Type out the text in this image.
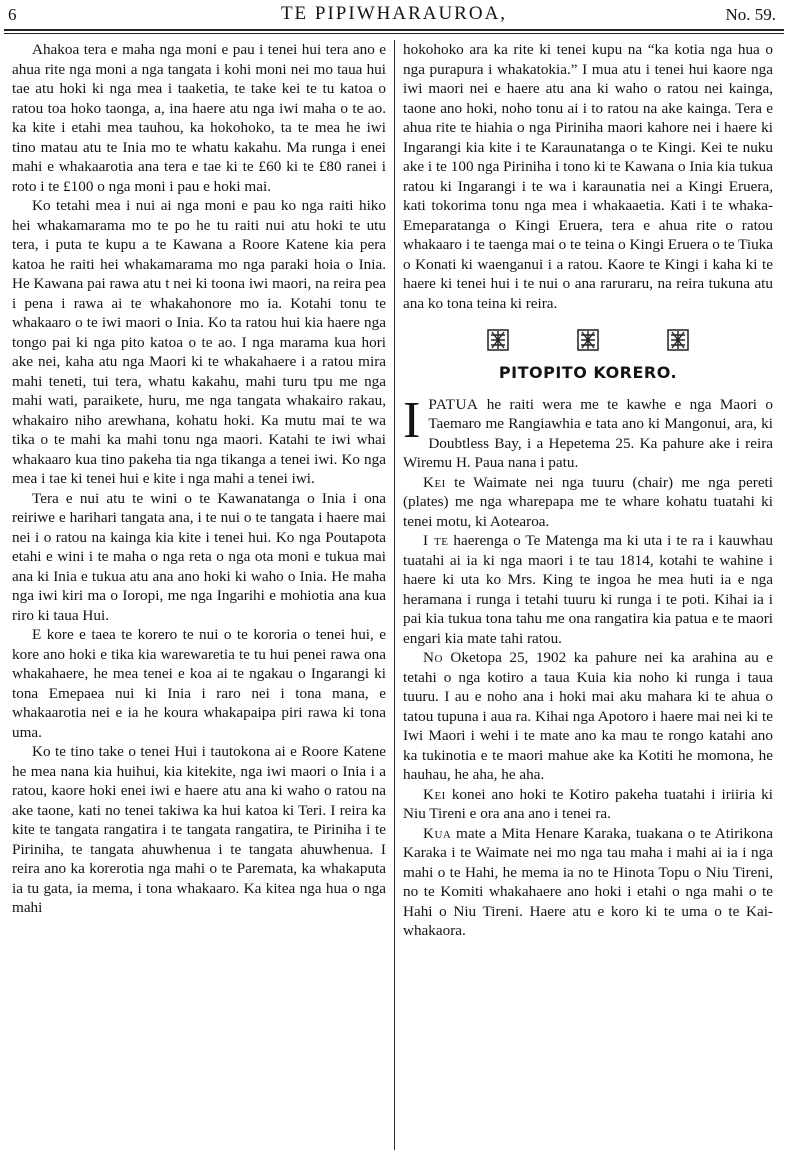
6	TE PIPIWHARAUROA,	No. 59.

Ahakoa tera e maha nga moni e pau i tenei hui tera ano e ahua rite nga moni a nga tangata i kohi moni nei mo taua hui tae atu hoki ki nga mea i taaketia, te take kei te tu katoa o ratou toa hoko taonga, a, ina haere atu nga iwi maha o te ao. ka kite i etahi mea tauhou, ka hokohoko, ta te mea he iwi tino matau atu te Inia mo te whatu kakahu. Ma runga i enei mahi e whakaarotia ana tera e tae ki te £60 ki te £80 ranei i roto i te £100 o nga moni i pau e hoki mai.

Ko tetahi mea i nui ai nga moni e pau ko nga raiti hiko hei whakamarama mo te po he tu raiti nui atu hoki te utu tera, i puta te kupu a te Kawana a Roore Katene kia pera katoa he raiti hei whakamarama mo nga paraki hoia o Inia. He Kawana pai rawa atu t nei ki toona iwi maori, na reira pea i pena i rawa ai te whakahonore mo ia. Kotahi tonu te whakaaro o te iwi maori o Inia. Ko ta ratou hui kia haere nga tongo pai ki nga pito katoa o te ao. I nga marama kua hori ake nei, kaha atu nga Maori ki te whakahaere i a ratou mira mahi teneti, tui tera, whatu kakahu, mahi turu tpu me nga mahi wati, paraikete, huru, me nga tangata whakairo rakau, whakairo niho arewhana, kohatu hoki. Ka mutu mai te wa tika o te mahi ka mahi tonu nga maori. Katahi te iwi whai whakaaro kua tino pakeha tia nga tikanga a tenei iwi. Ko nga mea i tae ki tenei hui e kite i nga mahi a tenei iwi.

Tera e nui atu te wini o te Kawanatanga o Inia i ona reiriwe e harihari tangata ana, i te nui o te tangata i haere mai nei i o ratou na kainga kia kite i tenei hui. Ko nga Poutapota etahi e wini i te maha o nga reta o nga ota moni e tukua mai ana ki Inia e tukua atu ana ano hoki ki waho o Inia. He maha nga iwi kiri ma o Ioropi, me nga Ingarihi e mohiotia ana kua riro ki taua Hui.

E kore e taea te korero te nui o te kororia o tenei hui, e kore ano hoki e tika kia warewaretia te tu hui penei rawa ona whakahaere, he mea tenei e koa ai te ngakau o Ingarangi ki tona Emepaea nui ki Inia i raro nei i tona mana, e whakaarotia nei e ia he koura whakapaipa piri rawa ki tona uma.

Ko te tino take o tenei Hui i tautokona ai e Roore Katene he mea nana kia huihui, kia kitekite, nga iwi maori o Inia i a ratou, kaore hoki enei iwi e haere atu ana ki waho o ratou na ake taone, kati no tenei takiwa ka hui katoa ki Teri. I reira ka kite te tangata rangatira i te tangata rangatira, te Piriniha i te Piriniha, te tangata ahuwhenua i te tangata ahuwhenua. I reira ano ka korerotia nga mahi o te Paremata, ka whakaputa ia tu gata, ia mema, i tona whakaaro. Ka kitea nga hua o nga mahi

hokohoko ara ka rite ki tenei kupu na “ka kotia nga hua o nga purapura i whakatokia.” I mua atu i tenei hui kaore nga iwi maori nei e haere atu ana ki waho o ratou nei kainga, taone ano hoki, noho tonu ai i to ratou na ake kainga. Tera e ahua rite te hiahia o nga Piriniha maori kahore nei i haere ki Ingarangi kia kite i te Karaunatanga o te Kingi. Kei te nuku ake i te 100 nga Piriniha i tono ki te Kawana o Inia kia tukua ratou ki Ingarangi i te wa i karaunatia nei a Kingi Eruera, kati tokorima tonu nga mea i whakaaetia. Kati i te whaka-Emeparatanga o Kingi Eruera, tera e ahua rite o ratou whakaaro i te taenga mai o te teina o Kingi Eruera o te Tiuka o Konati ki waenganui i a ratou. Kaore te Kingi i kaha ki te haere ki tenei hui i te nui o ana raruraru, na reira tukuna atu ana ko tona teina ki reira.

PITOPITO KORERO.

IPATUA he raiti wera me te kawhe e nga Maori o Taemaro me Rangiawhia e tata ano ki Mangonui, ara, ki Doubtless Bay, i a Hepetema 25. Ka pahure ake i reira Wiremu H. Paua nana i patu.

Kei te Waimate nei nga tuuru (chair) me nga pereti (plates) me nga wharepapa me te whare kohatu tuatahi ki tenei motu, ki Aotearoa.

I te haerenga o Te Matenga ma ki uta i te ra i kauwhau tuatahi ai ia ki nga maori i te tau 1814, kotahi te wahine i haere ki uta ko Mrs. King te ingoa he mea huti ia e nga heramana i runga i tetahi tuuru ki runga i te poti. Kihai ia i pai kia tukua tona tahu me ona rangatira kia patua e te maori engari kia mate tahi ratou.

No Oketopa 25, 1902 ka pahure nei ka arahina au e tetahi o nga kotiro a taua Kuia kia noho ki runga i taua tuuru. I au e noho ana i hoki mai aku mahara ki te ahua o tatou tupuna i aua ra. Kihai nga Apotoro i haere mai nei ki te Iwi Maori i wehi i te mate ano ka mau te rongo katahi ano ka tukinotia e te maori mahue ake ka Kotiti he momona, he hauhau, he aha, he aha.

Kei konei ano hoki te Kotiro pakeha tuatahi i iriiria ki Niu Tireni e ora ana ano i tenei ra.

Kua mate a Mita Henare Karaka, tuakana o te Atirikona Karaka i te Waimate nei mo nga tau maha i mahi ai ia i nga mahi o te Hahi, he mema ia no te Hinota Topu o Niu Tireni, no te Komiti whakahaere ano hoki i etahi o nga mahi o te Hahi o Niu Tireni. Haere atu e koro ki te uma o te Kai-whakaora.
